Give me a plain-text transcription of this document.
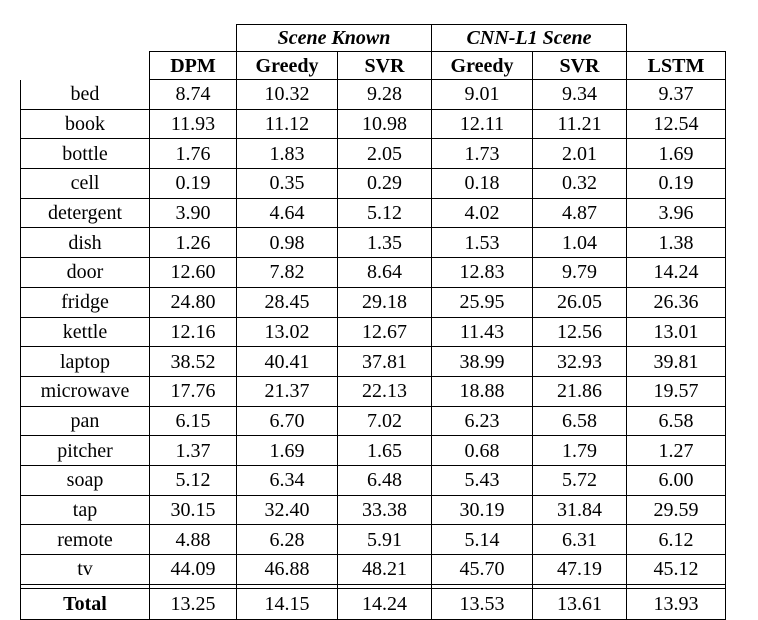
		Scene Known		CNN-L1 Scene		
	DPM	Greedy	SVR	Greedy	SVR	LSTM
bed	8.74	10.32	9.28	9.01	9.34	9.37
book	11.93	11.12	10.98	12.11	11.21	12.54
bottle	1.76	1.83	2.05	1.73	2.01	1.69
cell	0.19	0.35	0.29	0.18	0.32	0.19
detergent	3.90	4.64	5.12	4.02	4.87	3.96
dish	1.26	0.98	1.35	1.53	1.04	1.38
door	12.60	7.82	8.64	12.83	9.79	14.24
fridge	24.80	28.45	29.18	25.95	26.05	26.36
kettle	12.16	13.02	12.67	11.43	12.56	13.01
laptop	38.52	40.41	37.81	38.99	32.93	39.81
microwave	17.76	21.37	22.13	18.88	21.86	19.57
pan	6.15	6.70	7.02	6.23	6.58	6.58
pitcher	1.37	1.69	1.65	0.68	1.79	1.27
soap	5.12	6.34	6.48	5.43	5.72	6.00
tap	30.15	32.40	33.38	30.19	31.84	29.59
remote	4.88	6.28	5.91	5.14	6.31	6.12
tv	44.09	46.88	48.21	45.70	47.19	45.12

Total	13.25	14.15	14.24	13.53	13.61	13.93
